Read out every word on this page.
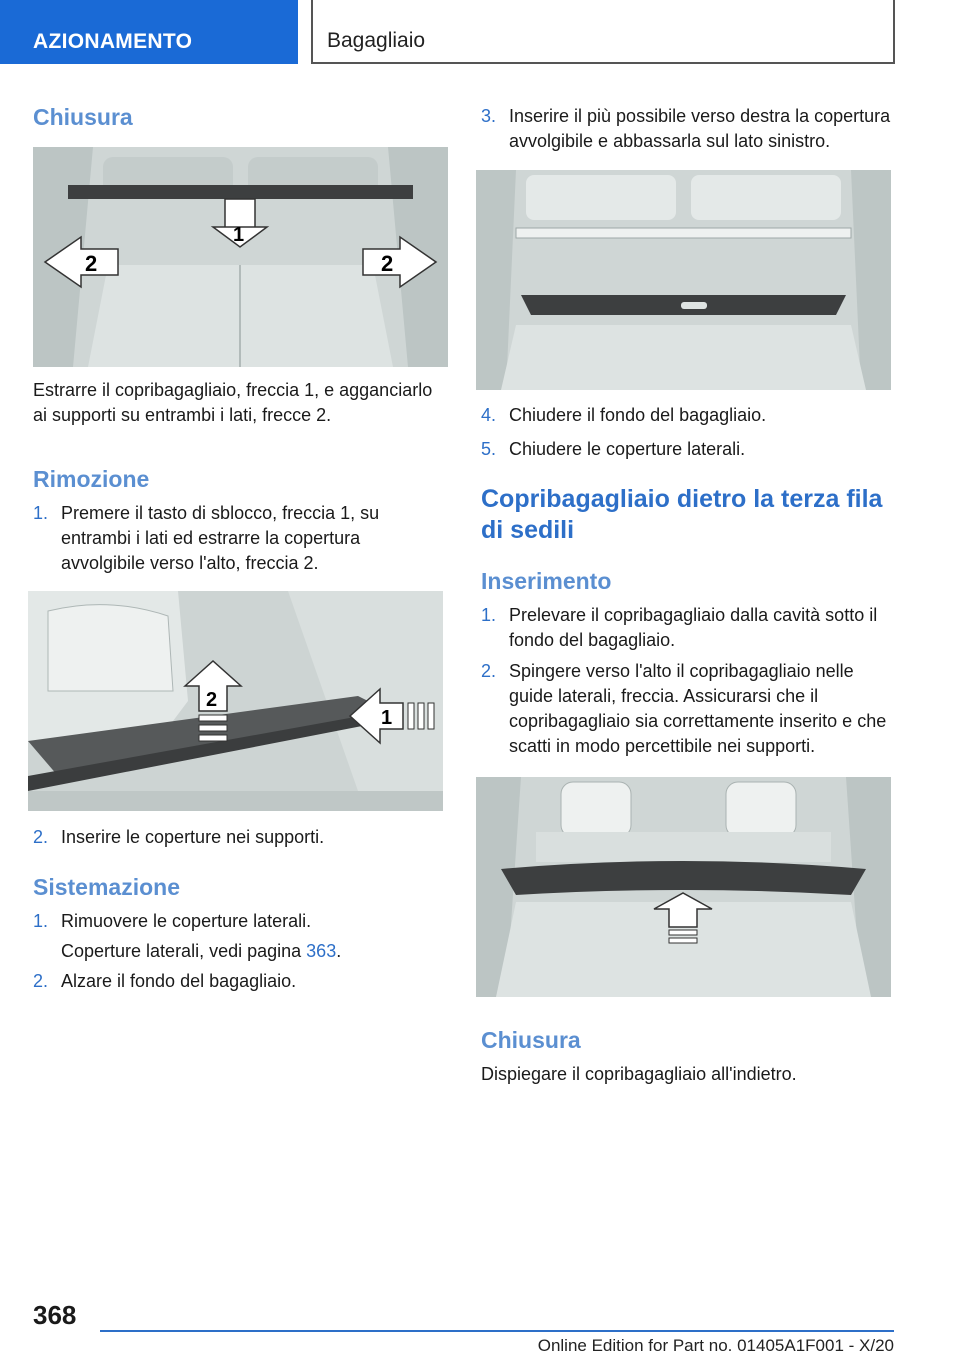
AZIONAMENTO	Bagagliaio
Chiusura
1
2	2

Estrarre il copribagagliaio, freccia 1, e agganciarlo ai supporti su entrambi i lati, frecce 2.

Rimozione
1. Premere il tasto di sblocco, freccia 1, su entrambi i lati ed estrarre la copertura avvolgibile verso l'alto, freccia 2.
2
1
2. Inserire le coperture nei supporti.
Sistemazione
1. Rimuovere le coperture laterali.
Coperture laterali, vedi pagina 363.
2. Alzare il fondo del bagagliaio.
3. Inserire il più possibile verso destra la copertura avvolgibile e abbassarla sul lato sinistro.
4. Chiudere il fondo del bagagliaio.
5. Chiudere le coperture laterali.
Copribagagliaio dietro la terza fila di sedili
Inserimento
1. Prelevare il copribagagliaio dalla cavità sotto il fondo del bagagliaio.
2. Spingere verso l'alto il copribagagliaio nelle guide laterali, freccia. Assicurarsi che il copribagagliaio sia correttamente inserito e che scatti in modo percettibile nei supporti.
Chiusura

Dispiegare il copribagagliaio all'indietro.

368
Online Edition for Part no. 01405A1F001 - X/20
